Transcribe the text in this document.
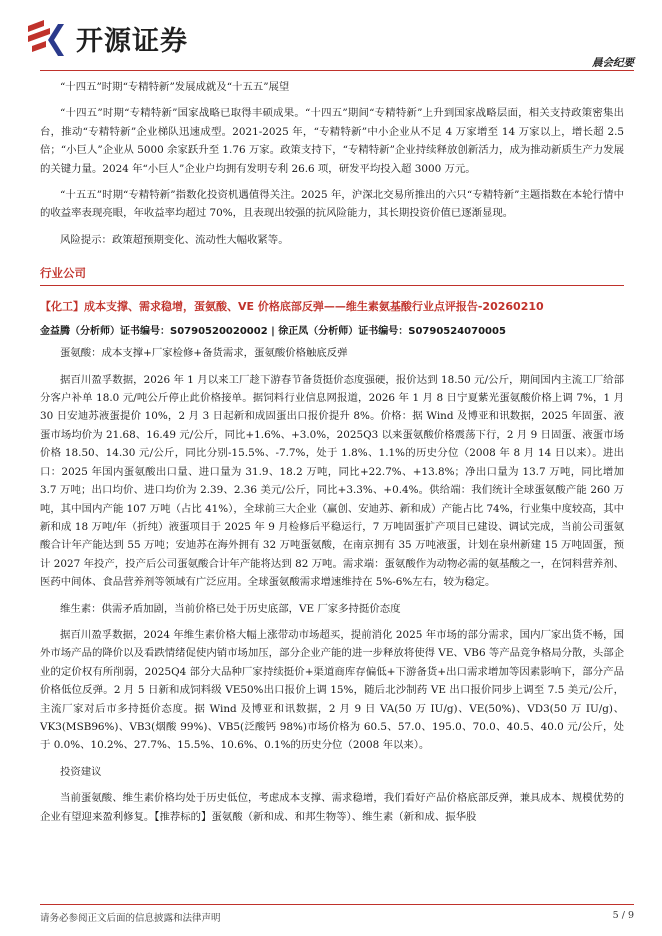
开源证券
晨会纪要

“十四五”时期“专精特新”发展成就及“十五五”展望

“十四五”时期“专精特新”国家战略已取得丰硕成果。“十四五”期间“专精特新”上升到国家战略层面，相关支持政策密集出台，推动“专精特新”企业梯队迅速成型。2021-2025 年，“专精特新”中小企业从不足 4 万家增至 14 万家以上，增长超 2.5 倍；“小巨人”企业从 5000 余家跃升至 1.76 万家。政策支持下，“专精特新”企业持续释放创新活力，成为推动新质生产力发展的关键力量。2024 年“小巨人”企业户均拥有发明专利 26.6 项，研发平均投入超 3000 万元。

“十五五”时期“专精特新”指数化投资机遇值得关注。2025 年，沪深北交易所推出的六只“专精特新”主题指数在本轮行情中的收益率表现亮眼，年收益率均超过 70%，且表现出较强的抗风险能力，其长期投资价值已逐渐显现。

风险提示：政策超预期变化、流动性大幅收紧等。

行业公司
【化工】成本支撑、需求稳增，蛋氨酸、VE 价格底部反弹——维生素氨基酸行业点评报告-20260210
金益腾（分析师）证书编号：S0790520020002 | 徐正凤（分析师）证书编号：S0790524070005

蛋氨酸：成本支撑+厂家检修+备货需求，蛋氨酸价格触底反弹

据百川盈孚数据，2026 年 1 月以来工厂趁下游春节备货挺价态度强硬，报价达到 18.50 元/公斤，期间国内主流工厂给部分客户补单 18.0 元/吨公斤停止此价格接单。据饲料行业信息网报道，2026 年 1 月 8 日宁夏紫光蛋氨酸价格上调 7%，1 月 30 日安迪苏液蛋提价 10%，2 月 3 日起新和成固蛋出口报价提升 8%。价格：据 Wind 及博亚和讯数据，2025 年固蛋、液蛋市场均价为 21.68、16.49 元/公斤，同比+1.6%、+3.0%，2025Q3 以来蛋氨酸价格震荡下行，2 月 9 日固蛋、液蛋市场价格 18.50、14.30 元/公斤，同比分别-15.5%、-7.7%，处于 1.8%、1.1%的历史分位（2008 年 8 月 14 日以来）。进出口：2025 年国内蛋氨酸出口量、进口量为 31.9、18.2 万吨，同比+22.7%、+13.8%；净出口量为 13.7 万吨，同比增加 3.7 万吨；出口均价、进口均价为 2.39、2.36 美元/公斤，同比+3.3%、+0.4%。供给端：我们统计全球蛋氨酸产能 260 万吨，其中国内产能 107 万吨（占比 41%），全球前三大企业（赢创、安迪苏、新和成）产能占比 74%，行业集中度较高，其中新和成 18 万吨/年（折纯）液蛋项目于 2025 年 9 月检修后平稳运行，7 万吨固蛋扩产项目已建设、调试完成，当前公司蛋氨酸合计年产能达到 55 万吨；安迪苏在海外拥有 32 万吨蛋氨酸，在南京拥有 35 万吨液蛋，计划在泉州新建 15 万吨固蛋，预计 2027 年投产，投产后公司蛋氨酸合计年产能将达到 82 万吨。需求端：蛋氨酸作为动物必需的氨基酸之一，在饲料营养剂、医药中间体、食品营养剂等领域有广泛应用。全球蛋氨酸需求增速维持在 5%-6%左右，较为稳定。

维生素：供需矛盾加剧，当前价格已处于历史底部，VE 厂家多持挺价态度

据百川盈孚数据，2024 年维生素价格大幅上涨带动市场超买，提前消化 2025 年市场的部分需求，国内厂家出货不畅，国外市场产品的降价以及看跌情绪促使内销市场加压，部分企业产能的进一步释放将使得 VE、VB6 等产品竞争格局分散，头部企业的定价权有所削弱，2025Q4 部分大品种厂家持续挺价+渠道商库存偏低+下游备货+出口需求增加等因素影响下，部分产品价格低位反弹。2 月 5 日新和成饲料级 VE50%出口报价上调 15%，随后北沙制药 VE 出口报价同步上调至 7.5 美元/公斤，主流厂家对后市多持挺价态度。据 Wind 及博亚和讯数据，2 月 9 日 VA(50 万 IU/g)、VE(50%)、VD3(50 万 IU/g)、VK3(MSB96%)、VB3(烟酸 99%)、VB5(泛酸钙 98%)市场价格为 60.5、57.0、195.0、70.0、40.5、40.0 元/公斤，处于 0.0%、10.2%、27.7%、15.5%、10.6%、0.1%的历史分位（2008 年以来）。

投资建议

当前蛋氨酸、维生素价格均处于历史低位，考虑成本支撑、需求稳增，我们看好产品价格底部反弹，兼具成本、规模优势的企业有望迎来盈利修复。【推荐标的】蛋氨酸（新和成、和邦生物等）、维生素（新和成、振华股

请务必参阅正文后面的信息披露和法律声明	5 / 9
